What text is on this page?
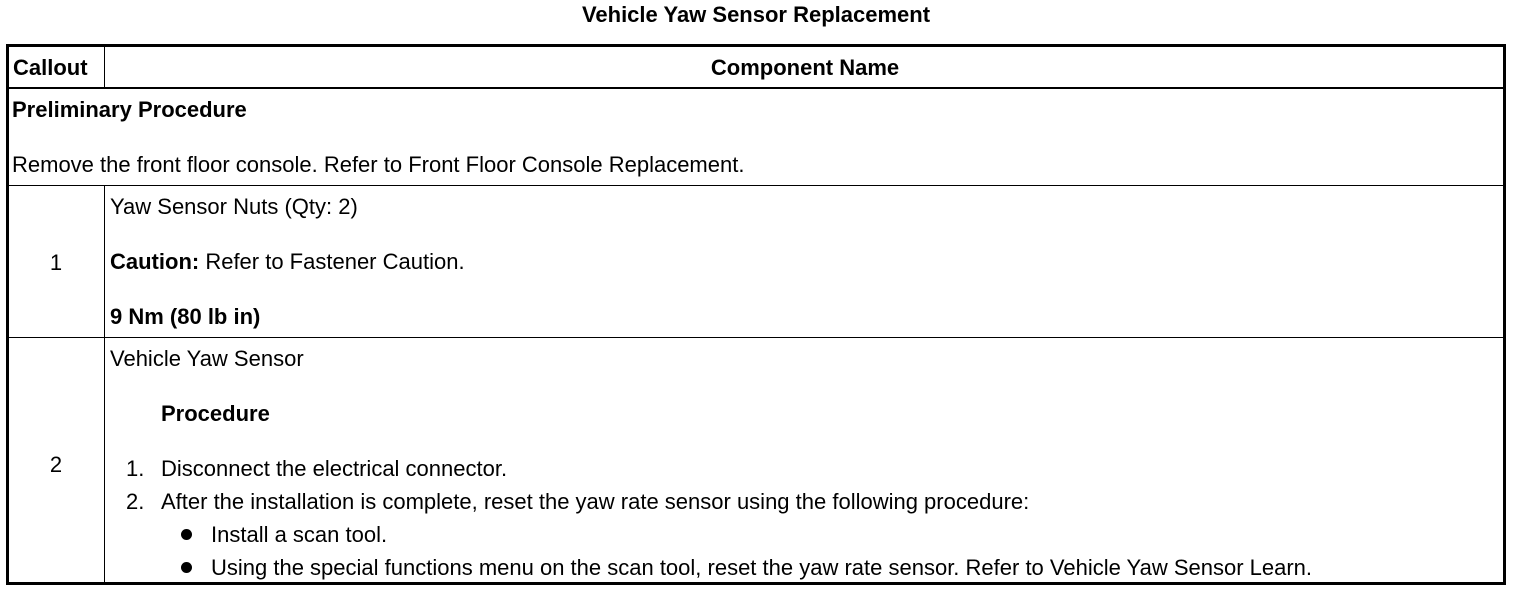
Vehicle Yaw Sensor Replacement
Callout	Component Name
Preliminary Procedure
Remove the front floor console. Refer to Front Floor Console Replacement.
1
Yaw Sensor Nuts (Qty: 2)
Caution: Refer to Fastener Caution.
9 Nm (80 lb in)
2
Vehicle Yaw Sensor
Procedure
1. Disconnect the electrical connector.
2. After the installation is complete, reset the yaw rate sensor using the following procedure:
Install a scan tool.
Using the special functions menu on the scan tool, reset the yaw rate sensor. Refer to Vehicle Yaw Sensor Learn.
